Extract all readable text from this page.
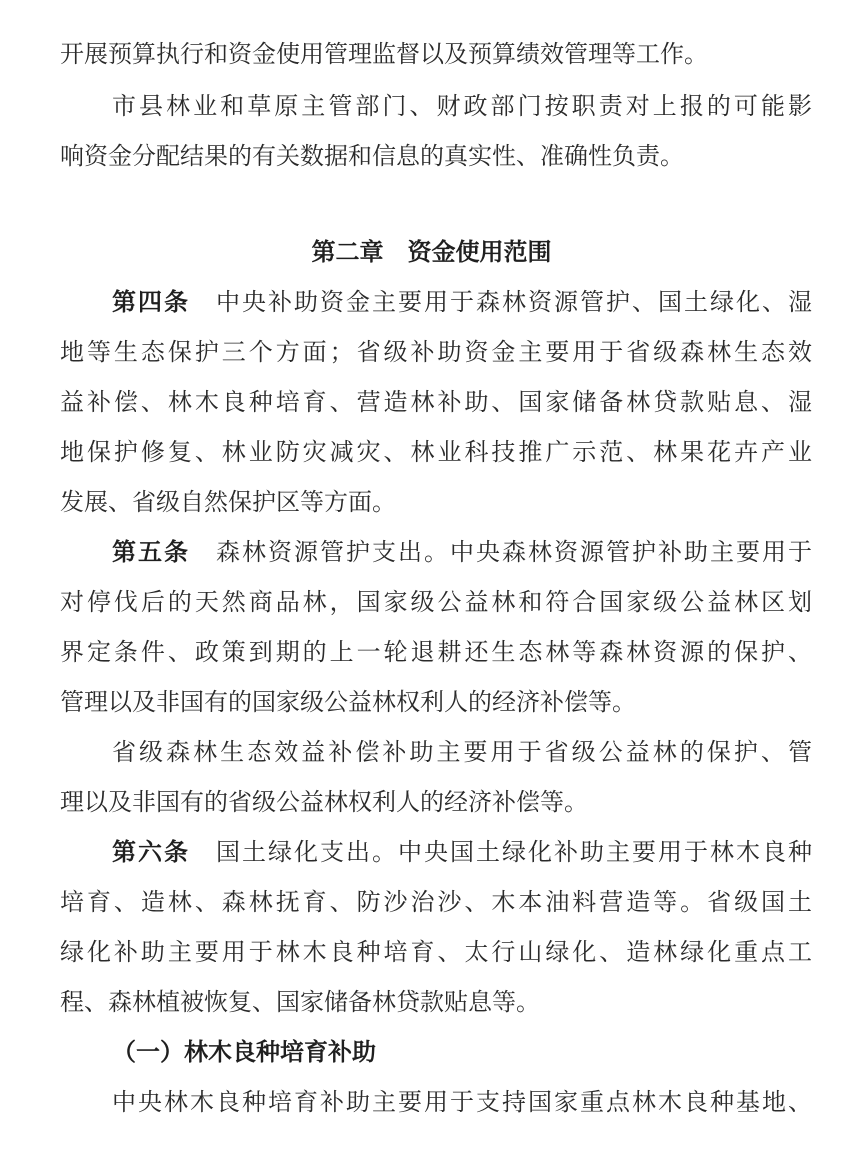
开展预算执行和资金使用管理监督以及预算绩效管理等工作。
市县林业和草原主管部门、财政部门按职责对上报的可能影
响资金分配结果的有关数据和信息的真实性、准确性负责。
第二章　资金使用范围
第四条　 中央补助资金主要用于森林资源管护、国土绿化、湿
地等生态保护三个方面；省级补助资金主要用于省级森林生态效
益补偿、林木良种培育、营造林补助、国家储备林贷款贴息、湿
地保护修复、林业防灾减灾、林业科技推广示范、林果花卉产业
发展、省级自然保护区等方面。
第五条　 森林资源管护支出。中央森林资源管护补助主要用于
对停伐后的天然商品林，国家级公益林和符合国家级公益林区划
界定条件、政策到期的上一轮退耕还生态林等森林资源的保护、
管理以及非国有的国家级公益林权利人的经济补偿等。
省级森林生态效益补偿补助主要用于省级公益林的保护、管
理以及非国有的省级公益林权利人的经济补偿等。
第六条　 国土绿化支出。中央国土绿化补助主要用于林木良种
培育、造林、森林抚育、防沙治沙、木本油料营造等。省级国土
绿化补助主要用于林木良种培育、太行山绿化、造林绿化重点工
程、森林植被恢复、国家储备林贷款贴息等。
（一）林木良种培育补助
中央林木良种培育补助主要用于支持国家重点林木良种基地、
